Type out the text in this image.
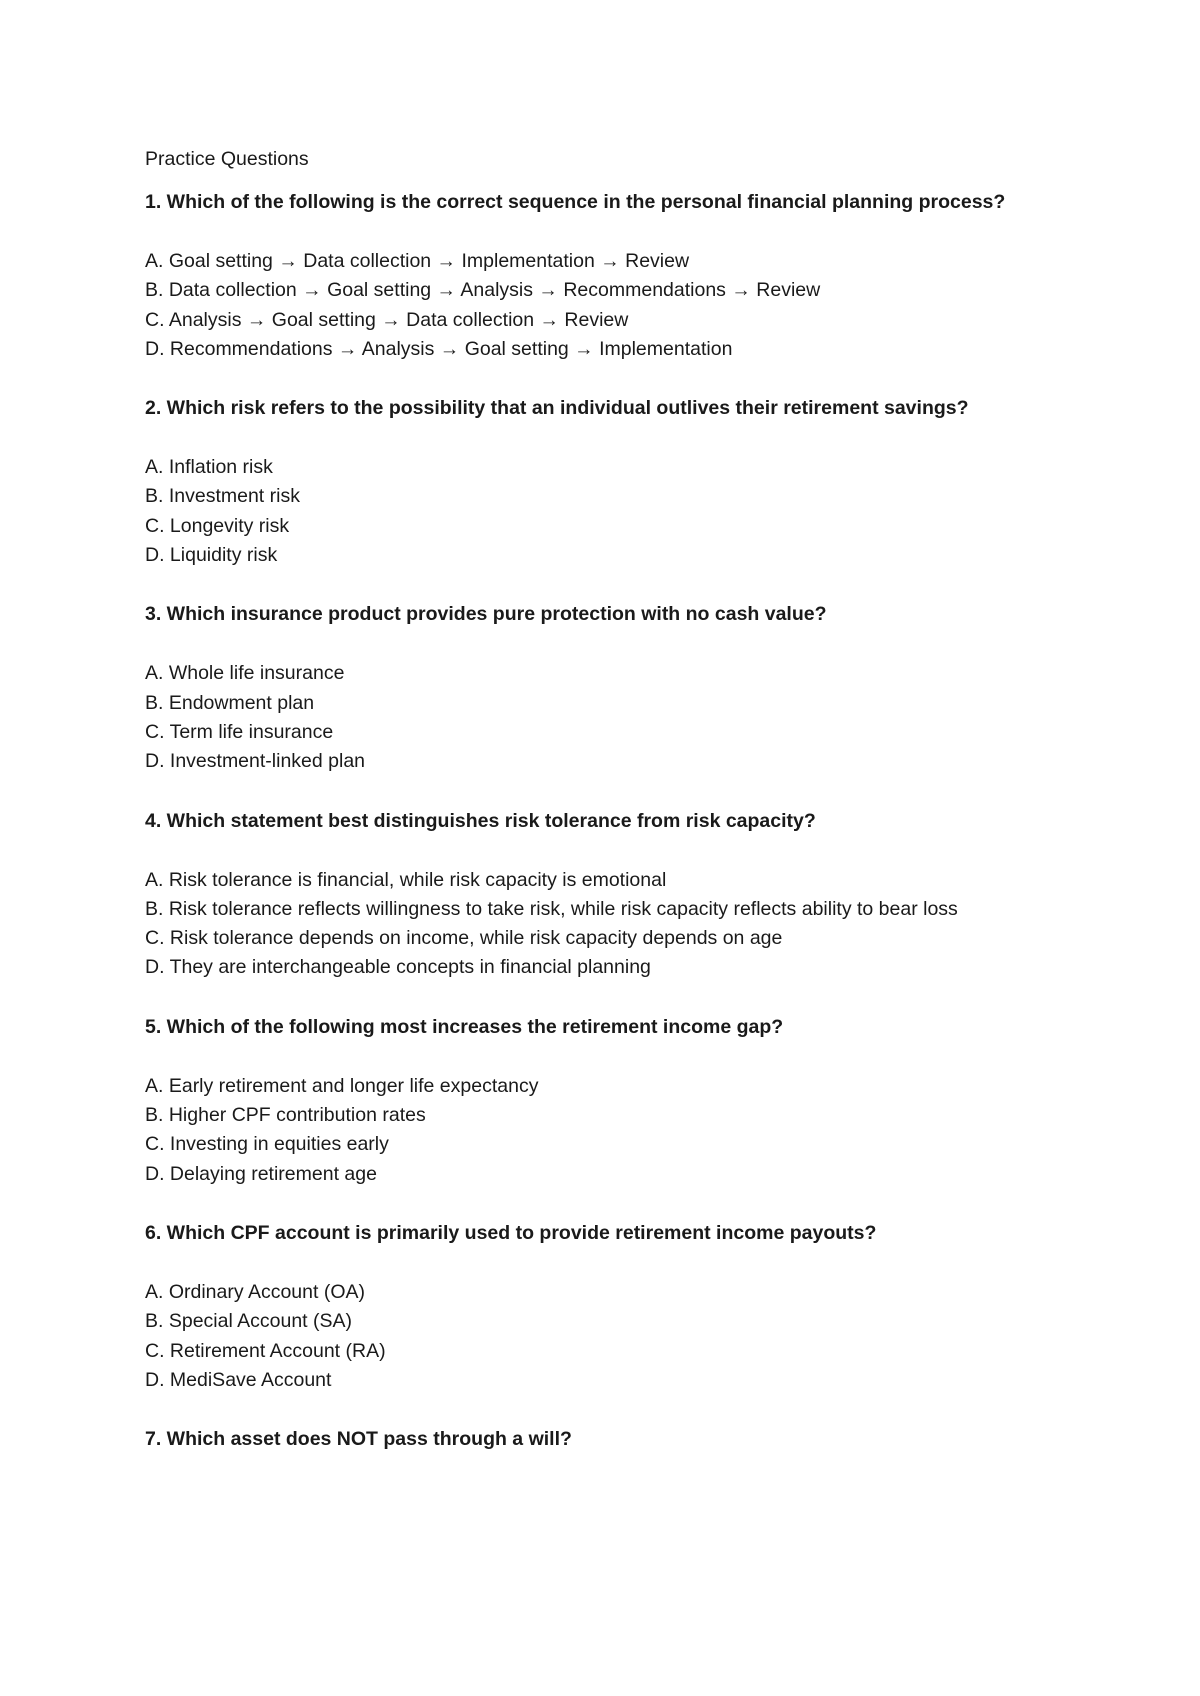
Practice Questions
1. Which of the following is the correct sequence in the personal financial planning process?
A. Goal setting → Data collection → Implementation → Review
B. Data collection → Goal setting → Analysis → Recommendations → Review
C. Analysis → Goal setting → Data collection → Review
D. Recommendations → Analysis → Goal setting → Implementation
2. Which risk refers to the possibility that an individual outlives their retirement savings?
A. Inflation risk
B. Investment risk
C. Longevity risk
D. Liquidity risk
3. Which insurance product provides pure protection with no cash value?
A. Whole life insurance
B. Endowment plan
C. Term life insurance
D. Investment-linked plan
4. Which statement best distinguishes risk tolerance from risk capacity?
A. Risk tolerance is financial, while risk capacity is emotional
B. Risk tolerance reflects willingness to take risk, while risk capacity reflects ability to bear loss
C. Risk tolerance depends on income, while risk capacity depends on age
D. They are interchangeable concepts in financial planning
5. Which of the following most increases the retirement income gap?
A. Early retirement and longer life expectancy
B. Higher CPF contribution rates
C. Investing in equities early
D. Delaying retirement age
6. Which CPF account is primarily used to provide retirement income payouts?
A. Ordinary Account (OA)
B. Special Account (SA)
C. Retirement Account (RA)
D. MediSave Account
7. Which asset does NOT pass through a will?
